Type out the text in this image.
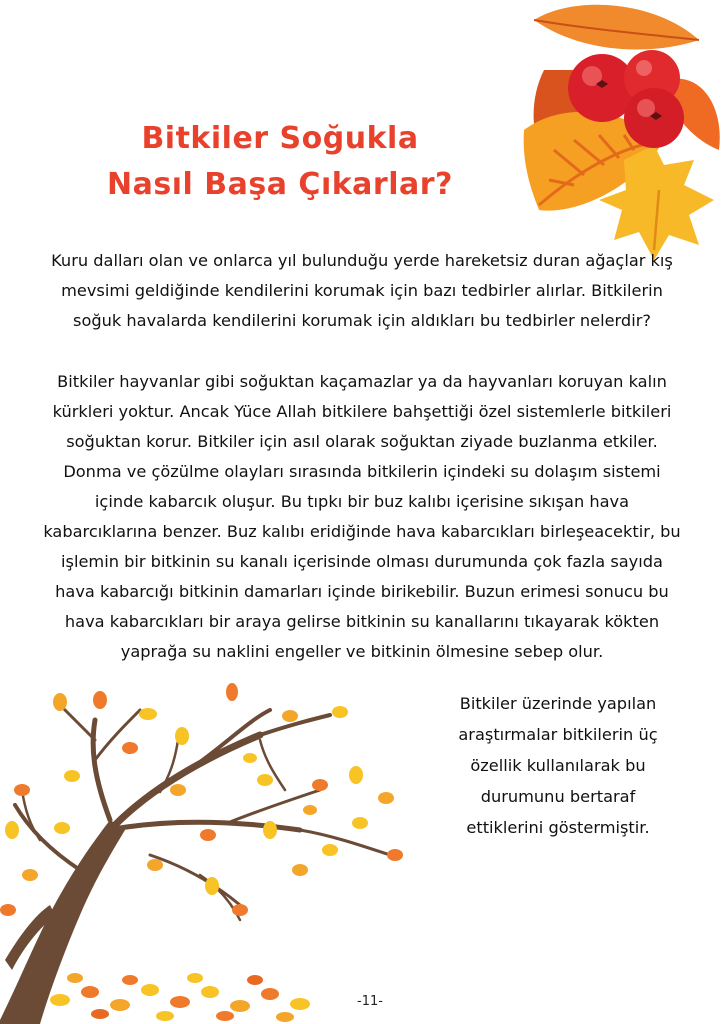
Bitkiler Soğukla
Nasıl Başa Çıkarlar?

Kuru dalları olan ve onlarca yıl bulunduğu yerde hareketsiz duran ağaçlar kış
mevsimi geldiğinde kendilerini korumak için bazı tedbirler alırlar. Bitkilerin
soğuk havalarda kendilerini korumak için aldıkları bu tedbirler nelerdir?

Bitkiler hayvanlar gibi soğuktan kaçamazlar ya da hayvanları koruyan kalın
kürkleri yoktur. Ancak Yüce Allah bitkilere bahşettiği özel sistemlerle bitkileri
soğuktan korur. Bitkiler için asıl olarak soğuktan ziyade buzlanma etkiler.
Donma ve çözülme olayları sırasında bitkilerin içindeki su dolaşım sistemi
içinde kabarcık oluşur. Bu tıpkı bir buz kalıbı içerisine sıkışan hava
kabarcıklarına benzer. Buz kalıbı eridiğinde hava kabarcıkları birleşeacektir, bu
işlemin bir bitkinin su kanalı içerisinde olması durumunda çok fazla sayıda
hava kabarcığı bitkinin damarları içinde birikebilir. Buzun erimesi sonucu bu
hava kabarcıkları bir araya gelirse bitkinin su kanallarını tıkayarak kökten
yaprağa su naklini engeller ve bitkinin ölmesine sebep olur.

Bitkiler üzerinde yapılan
araştırmalar bitkilerin üç
özellik kullanılarak bu
durumunu bertaraf
ettiklerini göstermiştir.
-11-
